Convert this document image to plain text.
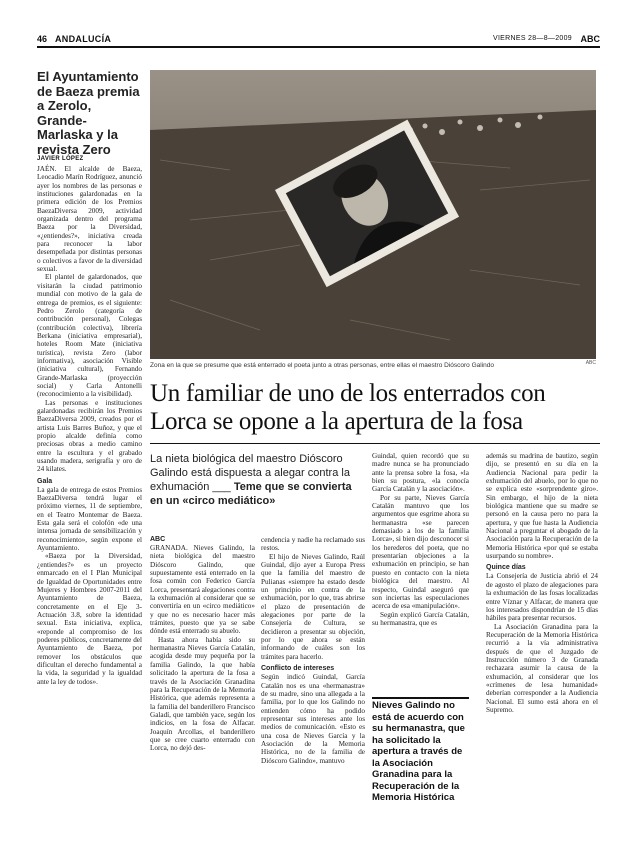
46 ANDALUCÍA	VIERNES 28—8—2009 ABC
El Ayuntamiento de Baeza premia a Zerolo, Grande-Marlaska y la revista Zero
JAVIER LÓPEZ

JAÉN. El alcalde de Baeza, Leocadio Marín Rodríguez, anunció ayer los nombres de las personas e instituciones galardonadas en la primera edición de los Premios BaezaDiversa 2009, actividad organizada dentro del programa Baeza por la Diversidad, «¿entiendes?», iniciativa creada para reconocer la labor desempeñada por distintas personas o colectivos a favor de la diversidad sexual.

El plantel de galardonados, que visitarán la ciudad patrimonio mundial con motivo de la gala de entrega de premios, es el siguiente: Pedro Zerolo (categoría de contribución personal), Colegas (contribución colectiva), librería Berkana (iniciativa empresarial), hoteles Room Mate (iniciativa turística), revista Zero (labor informativa), asociación Visible (iniciativa cultural), Fernando Grande-Marlaska (proyección social) y Carla Antonelli (reconocimiento a la visibilidad).

Las personas e instituciones galardonadas recibirán los Premios BaezaDiversa 2009, creados por el artista Luis Barres Buñoz, y que el propio alcalde definía como preciosas obras a medio camino entre la escultura y el grabado usando madera, serigrafía y oro de 24 kilates.

Gala

La gala de entrega de estos Premios BaezaDiversa tendrá lugar el próximo viernes, 11 de septiembre, en el Teatro Montemar de Baeza. Esta gala será el colofón «de una intensa jornada de sensibilización y reconocimiento», según expone el Ayuntamiento.

«Baeza por la Diversidad, ¿entiendes?» es un proyecto enmarcado en el I Plan Municipal de Igualdad de Oportunidades entre Mujeres y Hombres 2007-2011 del Ayuntamiento de Baeza, concretamente en el Eje 3- Actuación 3.8, sobre la identidad sexual. Esta iniciativa, explica, «reponde al compromiso de los poderes públicos, concretamente del Ayuntamiento de Baeza, por remover los obstáculos que dificultan el derecho fundamental a la vida, la seguridad y la igualdad ante la ley de todos».

Zona en la que se presume que está enterrado el poeta junto a otras personas, entre ellas el maestro Dióscoro Galindo	ABC
Un familiar de uno de los enterrados con Lorca se opone a la apertura de la fosa
La nieta biológica del maestro Dióscoro Galindo está dispuesta a alegar contra la exhumación ___ Teme que se convierta en un «circo mediático»
ABC

GRANADA. Nieves Galindo, la nieta biológica del maestro Dióscoro Galindo, que supuestamente está enterrado en la fosa común con Federico García Lorca, presentará alegaciones contra la exhumación al considerar que se convertiría en un «circo mediático» y que no es necesario hacer más trámites, puesto que ya se sabe dónde está enterrado su abuelo.

Hasta ahora había sido su hermanastra Nieves García Catalán, acogida desde muy pequeña por la familia Galindo, la que había solicitado la apertura de la fosa a través de la Asociación Granadina para la Recuperación de la Memoria Histórica, que además representa a la familia del banderillero Francisco Galadí, que también yace, según los indicios, en la fosa de Alfacar. Joaquín Arcollas, el banderillero que se cree cuarto enterrado con Lorca, no dejó des-

cendencia y nadie ha reclamado sus restos.

El hijo de Nieves Galindo, Raúl Guindal, dijo ayer a Europa Press que la familia del maestro de Pulianas «siempre ha estado desde un principio en contra de la exhumación, por lo que, tras abrirse el plazo de presentación de alegaciones por parte de la Consejería de Cultura, se decidieron a presentar su objeción, por lo que ahora se están informando de cuáles son los trámites para hacerlo.

Conflicto de intereses

Según indicó Guindal, García Catalán nos es una «hermanastra» de su madre, sino una allegada a la familia, por lo que los Galindo no entienden cómo ha podido representar sus intereses ante los medios de comunicación. «Esto es una cosa de Nieves García y la Asociación de la Memoria Histórica, no de la familia de Dióscoro Galindo», mantuvo

Guindal, quien recordó que su madre nunca se ha pronunciado ante la prensa sobre la fosa, «la bien su postura, «la conocía García Catalán y la asociación».

Por su parte, Nieves García Catalán mantuvo que los argumentos que esgrime ahora su hermanastra «se parecen demasiado a los de la familia Lorca», si bien dijo desconocer si los herederos del poeta, que no presentarían objeciones a la exhumación en principio, se han puesto en contacto con la nieta biológica del maestro. Al respecto, Guindal aseguró que son inciertas las especulaciones acerca de esa «manipulación».

Según explicó García Catalán, su hermanastra, que es

Nieves Galindo no está de acuerdo con su hermanastra, que ha solicitado la apertura a través de la Asociación Granadina para la Recuperación de la Memoria Histórica

además su madrina de bautizo, según dijo, se presentó en su día en la Audiencia Nacional para pedir la exhumación del abuelo, por lo que no se explica este «sorprendente giro». Sin embargo, el hijo de la nieta biológica mantiene que su madre se personó en la causa pero no para la apertura, y que fue hasta la Audiencia Nacional a preguntar el abogado de la Asociación para la Recuperación de la Memoria Histórica «por qué se estaba usurpando su nombre».

Quince días

La Consejería de Justicia abrió el 24 de agosto el plazo de alegaciones para la exhumación de las fosas localizadas entre Víznar y Alfacar, de manera que los interesados dispondrían de 15 días hábiles para presentar recursos.

La Asociación Granadina para la Recuperación de la Memoria Histórica recurrió a la vía administrativa después de que el Juzgado de Instrucción número 3 de Granada rechazara asumir la causa de la exhumación, al considerar que los «crímenes de lesa humanidad» deberían corresponder a la Audiencia Nacional. El sumo está ahora en el Supremo.
